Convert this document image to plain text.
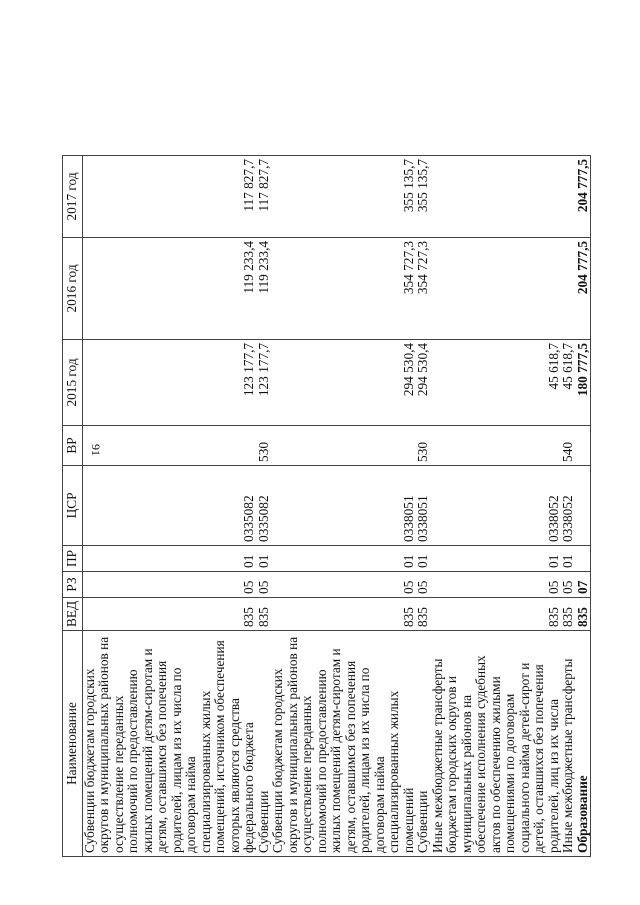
91
Наименование	ВЕД	РЗ	ПР	ЦСР	ВР	2015 год	2016 год	2017 год
Субвенции бюджетам городских округов и муниципальных районов на осуществление переданных полномочий по предоставлению жилых помещений детям-сиротам и детям, оставшимся без попечения родителей, лицам из их числа по договорам найма специализированных жилых помещений, источником обеспечения которых являются средства федерального бюджета	835	05	01	0335082		123 177,7	119 233,4	117 827,7
Субвенции	835	05	01	0335082	530	123 177,7	119 233,4	117 827,7
Субвенции бюджетам городских округов и муниципальных районов на осуществление переданных полномочий по предоставлению жилых помещений детям-сиротам и детям, оставшимся без попечения родителей, лицам из их числа по договорам найма специализированных жилых помещений	835	05	01	0338051		294 530,4	354 727,3	355 135,7
Субвенции	835	05	01	0338051	530	294 530,4	354 727,3	355 135,7
Иные межбюджетные трансферты бюджетам городских округов и муниципальных районов на обеспечение исполнения судебных актов по обеспечению жилыми помещениями по договорам социального найма детей-сирот и детей, оставшихся без попечения родителей, лиц из их числа	835	05	01	0338052		45 618,7		
Иные межбюджетные трансферты	835	05	01	0338052	540	45 618,7		
Образование	835	07				180 777,5	204 777,5	204 777,5
